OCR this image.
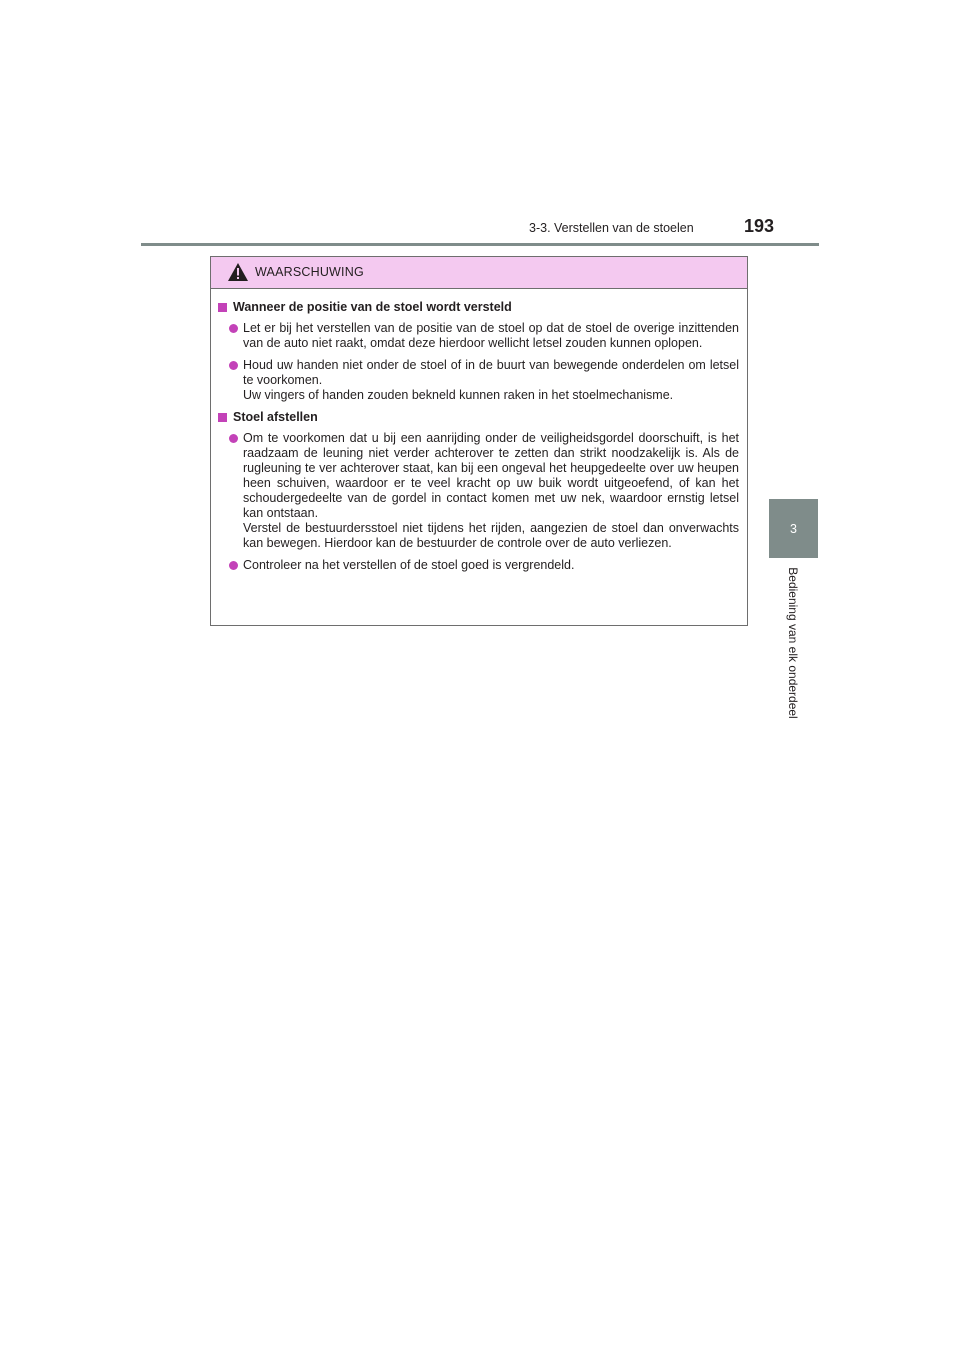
3-3. Verstellen van de stoelen	193
3
Bediening van elk onderdeel
WAARSCHUWING
Wanneer de positie van de stoel wordt versteld
Let er bij het verstellen van de positie van de stoel op dat de stoel de overige inzittenden van de auto niet raakt, omdat deze hierdoor wellicht letsel zouden kunnen oplopen.
Houd uw handen niet onder de stoel of in de buurt van bewegende onderdelen om letsel te voorkomen.
Uw vingers of handen zouden bekneld kunnen raken in het stoelmechanisme.
Stoel afstellen
Om te voorkomen dat u bij een aanrijding onder de veiligheidsgordel doorschuift, is het raadzaam de leuning niet verder achterover te zetten dan strikt noodzakelijk is. Als de rugleuning te ver achterover staat, kan bij een ongeval het heupgedeelte over uw heupen heen schuiven, waardoor er te veel kracht op uw buik wordt uitgeoefend, of kan het schoudergedeelte van de gordel in contact komen met uw nek, waardoor ernstig letsel kan ontstaan.
Verstel de bestuurdersstoel niet tijdens het rijden, aangezien de stoel dan onverwachts kan bewegen. Hierdoor kan de bestuurder de controle over de auto verliezen.
Controleer na het verstellen of de stoel goed is vergrendeld.
